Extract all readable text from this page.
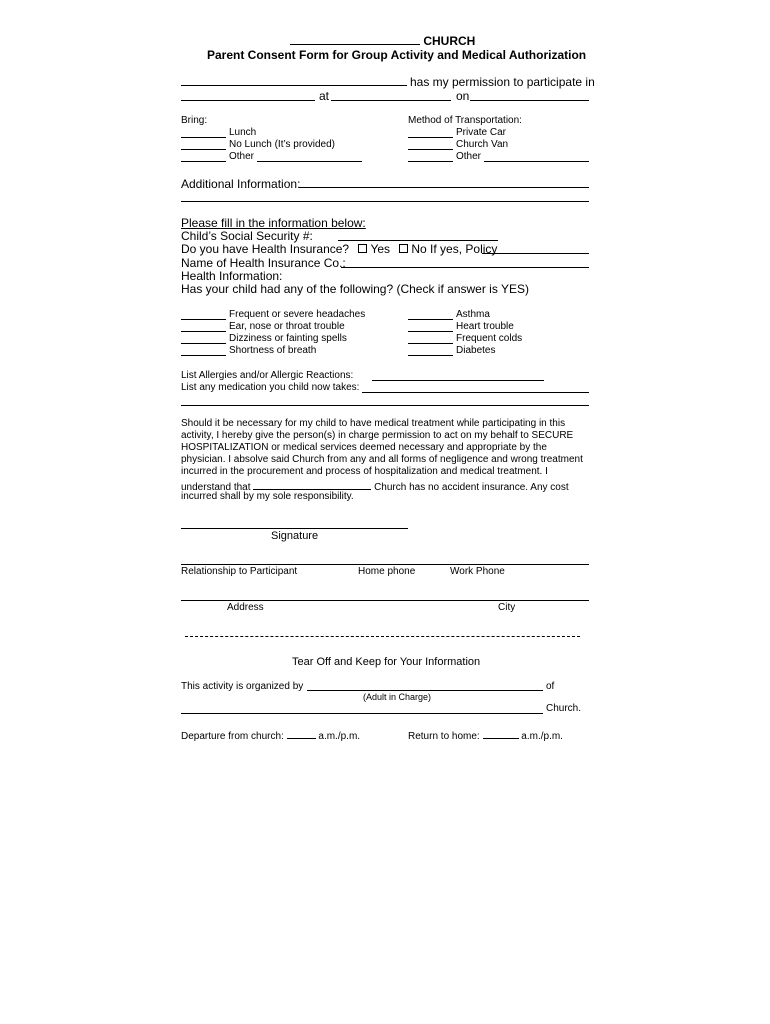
CHURCH
Parent Consent Form for Group Activity and Medical Authorization
has my permission to participate in
at	on
Bring:
Lunch
No Lunch (It’s provided)
Other
Method of Transportation:
Private Car
Church Van
Other
Additional Information:
Please fill in the information below:
Child’s Social Security #:
Do you have Health Insurance? Yes No If yes, Policy
Name of Health Insurance Co.:
Health Information:
Has your child had any of the following? (Check if answer is YES)
Frequent or severe headaches
Ear, nose or throat trouble
Dizziness or fainting spells
Shortness of breath
Asthma
Heart trouble
Frequent colds
Diabetes
List Allergies and/or Allergic Reactions:
List any medication you child now takes:
Should it be necessary for my child to have medical treatment while participating in this activity, I hereby give the person(s) in charge permission to act on my behalf to SECURE HOSPITALIZATION or medical services deemed necessary and appropriate by the physician. I absolve said Church from any and all forms of negligence and wrong treatment incurred in the procurement and process of hospitalization and medical treatment. I
understand that	Church has no accident insurance. Any cost
incurred shall by my sole responsibility.
Signature
Relationship to Participant	Home phone	Work Phone
Address	City
Tear Off and Keep for Your Information
This activity is organized by	of
(Adult in Charge)
Church.
Departure from church:	a.m./p.m.	Return to home:	a.m./p.m.
